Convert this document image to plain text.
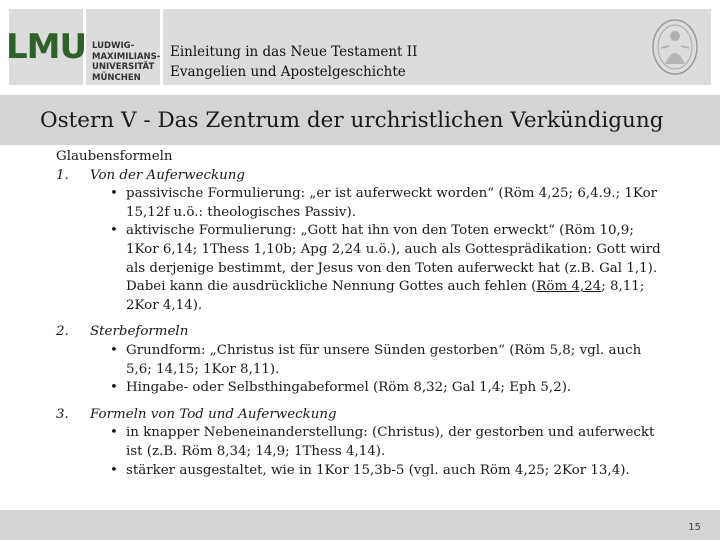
LMU LUDWIG-
MAXIMILIANS-
UNIVERSITÄT
MÜNCHEN
Einleitung in das Neue Testament II
Evangelien und Apostelgeschichte
Ostern V - Das Zentrum der urchristlichen Verkündigung

Glaubensformeln

1. Von der Auferweckung
• passivische Formulierung: „er ist auferweckt worden“ (Röm 4,25; 6,4.9.; 1Kor

15,12f u.ö.: theologisches Passiv).

• aktivische Formulierung: „Gott hat ihn von den Toten erweckt“ (Röm 10,9;

1Kor 6,14; 1Thess 1,10b; Apg 2,24 u.ö.), auch als Gottesprädikation: Gott wird

als derjenige bestimmt, der Jesus von den Toten auferweckt hat (z.B. Gal 1,1).

Dabei kann die ausdrückliche Nennung Gottes auch fehlen (Röm 4,24; 8,11;

2Kor 4,14).

2. Sterbeformeln
• Grundform: „Christus ist für unsere Sünden gestorben“ (Röm 5,8; vgl. auch

5,6; 14,15; 1Kor 8,11).

• Hingabe- oder Selbsthingabeformel (Röm 8,32; Gal 1,4; Eph 5,2).

3. Formeln von Tod und Auferweckung
• in knapper Nebeneinanderstellung: (Christus), der gestorben und auferweckt

ist (z.B. Röm 8,34; 14,9; 1Thess 4,14).

• stärker ausgestaltet, wie in 1Kor 15,3b-5 (vgl. auch Röm 4,25; 2Kor 13,4).

15
